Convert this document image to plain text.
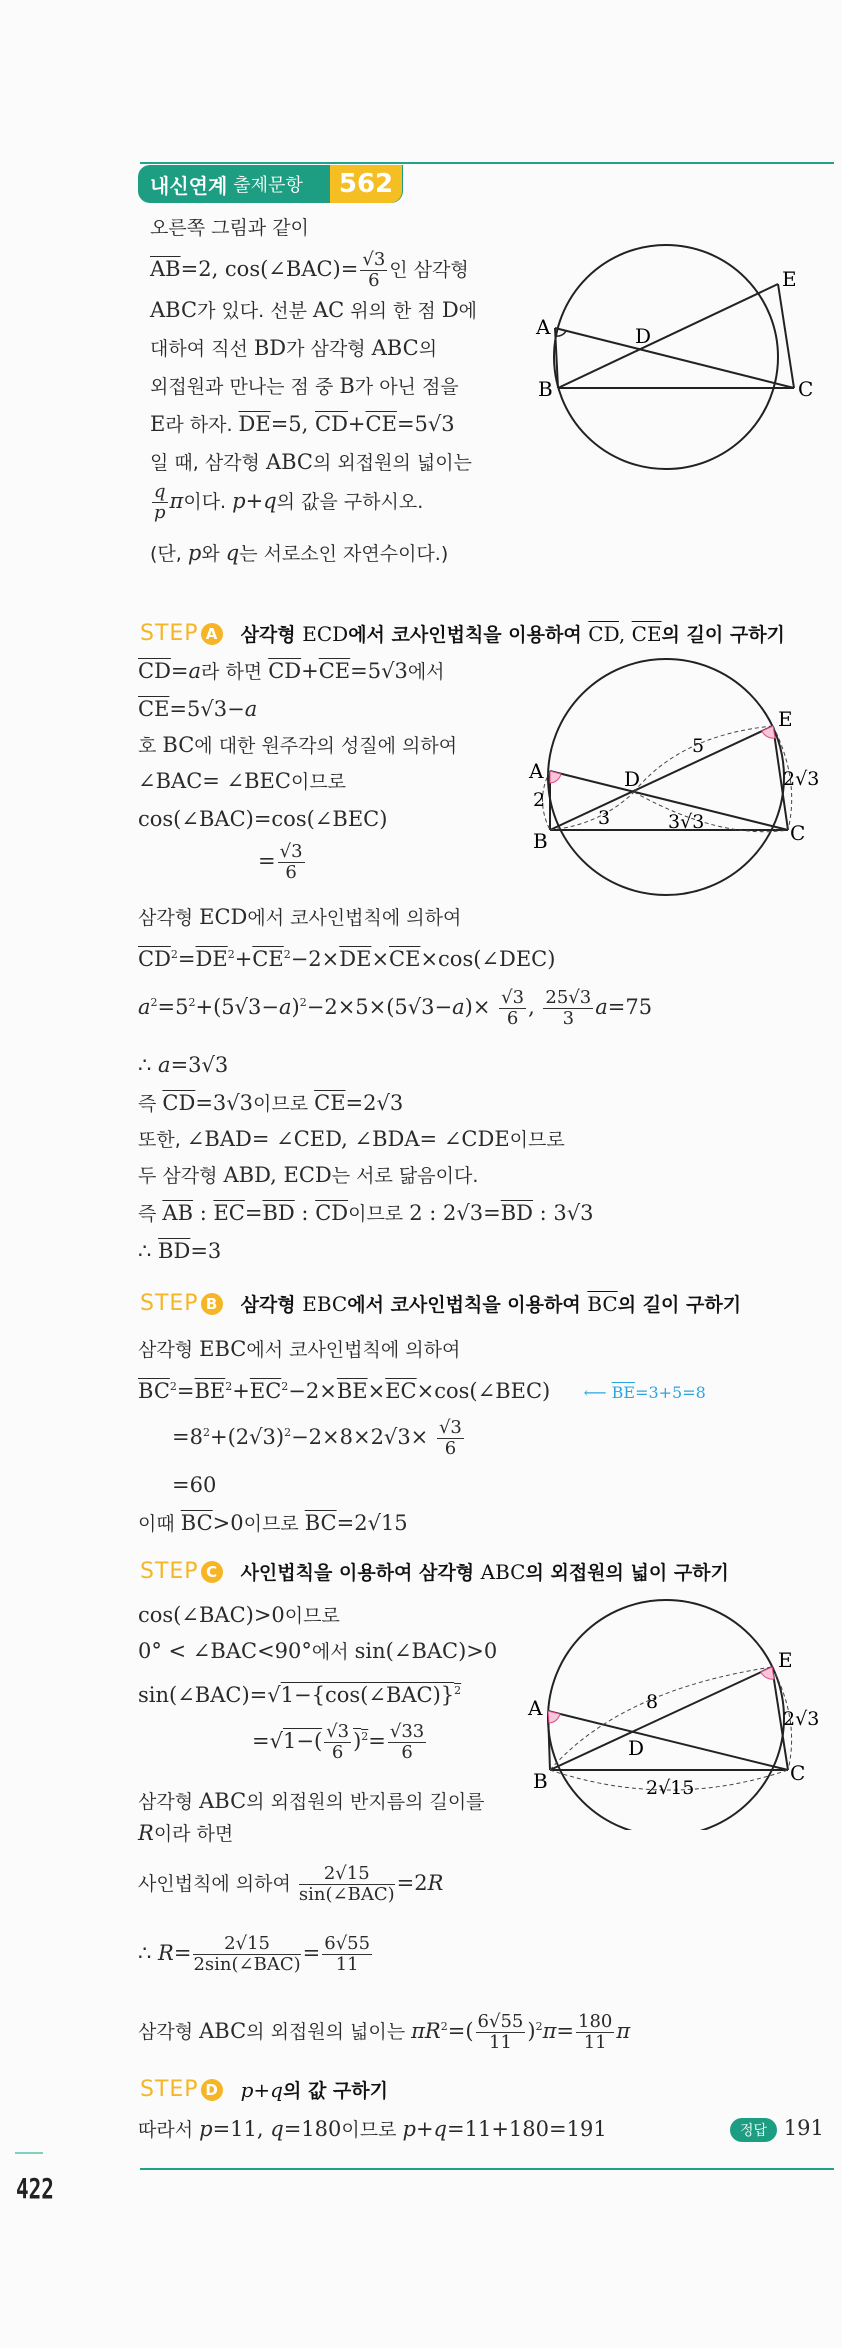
내신연계 출제문항	562
오른쪽 그림과 같이
$\overline{AB}=2$, cos(∠BAC)= $\frac{√3}{6}$ 인 삼각형
ABC가 있다. 선분 AC 위의 한 점 D에
대하여 직선 BD가 삼각형 ABC의
외접원과 만나는 점 중 B가 아닌 점을
E라 하자. $\overline{DE}=5$, $\overline{CD}+\overline{CE}=5√3$
일 때, 삼각형 ABC의 외접원의 넓이는
$\frac{q}{p}$ π이다. p+q의 값을 구하시오.
(단, p와 q는 서로소인 자연수이다.)
A
B	C
D
E
STEP A 삼각형 ECD에서 코사인법칙을 이용하여 $\overline{CD}$, $\overline{CE}$의 길이 구하기
$\overline{CD}=a$라 하면 $\overline{CD}+\overline{CE}=5√3$에서
$\overline{CE}=5√3-a$
호 BC에 대한 원주각의 성질에 의하여
∠BAC= ∠BEC이므로
cos(∠BAC)=cos(∠BEC)
= $\frac{√3}{6}$
삼각형 ECD에서 코사인법칙에 의하여
$\overline{CD}^2=\overline{DE}^2+\overline{CE}^2-2\times\overline{DE}\times\overline{CE}\times\cos(\angle DEC)$
$a^2=5^2+(5√3-a)^2-2\times 5\times(5√3-a)\times \frac{√3}{6}$ , $\frac{25√3}{3} a=75$
∴ a=3√3
즉 $\overline{CD}=3√3$이므로 $\overline{CE}=2√3$
또한, ∠BAD= ∠CED, ∠BDA= ∠CDE이므로
두 삼각형 ABD, ECD는 서로 닮음이다.
즉 $\overline{AB}$ : $\overline{EC}=\overline{BD}$ : $\overline{CD}$이므로 2 : $2√3=\overline{BD}$ : 3√3
∴ $\overline{BD}=3$
A
B	C
D
E
5
2
3	3√3
2√3
STEP B 삼각형 EBC에서 코사인법칙을 이용하여 $\overline{BC}$의 길이 구하기
삼각형 EBC에서 코사인법칙에 의하여
$\overline{BC}^2=\overline{BE}^2+\overline{EC}^2-2\times\overline{BE}\times\overline{EC}\times\cos(\angle BEC)$     ⟵ $\overline{BE}=3+5=8$
$=8^2+(2√3)^2-2\times 8\times 2√3\times \frac{√3}{6}$
=60
이때 $\overline{BC}>0$이므로 $\overline{BC}=2√15$
STEP C 사인법칙을 이용하여 삼각형 ABC의 외접원의 넓이 구하기
cos(∠BAC)>0이므로
0° < ∠BAC<90°에서 sin(∠BAC)>0
sin(∠BAC)=√1−{cos(∠BAC)}$^2$
$=√1-( \frac{√3}{6} )^2= \frac{√33}{6}$
삼각형 ABC의 외접원의 반지름의 길이를
R이라 하면
사인법칙에 의하여 $\frac{2√15}{\text{sin(∠BAC)}} =2R$
∴ $R= \frac{2√15}{\text{2sin(∠BAC)}} = \frac{6√55}{11}$
삼각형 ABC의 외접원의 넓이는 $\pi R^2=( \frac{6√55}{11} )^2\pi= \frac{180}{11}$ π
A
B	C
D
E
8
2√3
2√15
STEP D p+q의 값 구하기
따라서 p=11, q=180이므로 p+q=11+180=191	정답 191
422
